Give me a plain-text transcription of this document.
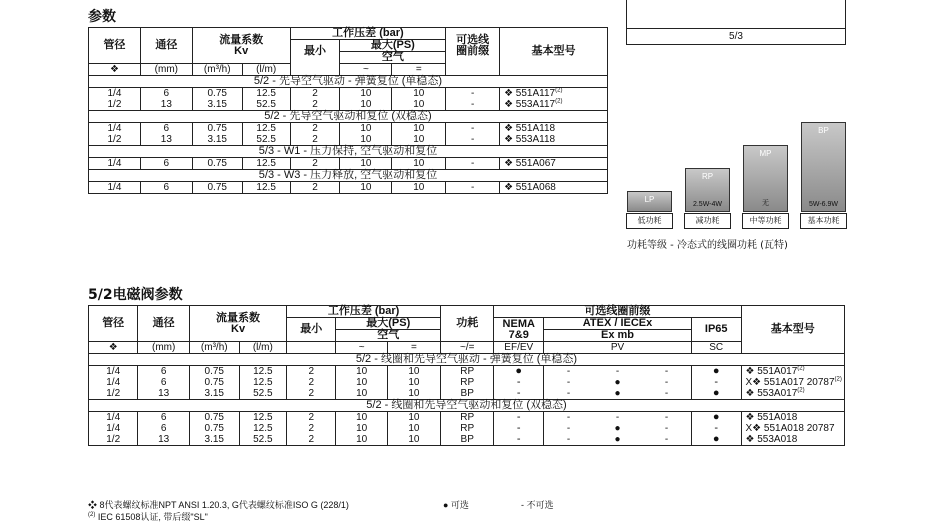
参数
5/3
管径	通径	流量系数
Kv		工作压差 (bar)			可选线
圈前缀	基本型号
				最小	最大(PS)			
					空气			
❖	(mm)	(m³/h)	(l/m)		~	=		
5/2 - 先导空气驱动 - 弹簧复位 (单稳态)								
1/4	6	0.75	12.5	2	10	10	-	❖ 551A117$^{(2)}$
1/2	13	3.15	52.5	2	10	10	-	❖ 553A117$^{(2)}$
5/2 - 先导空气驱动和复位 (双稳态)								
1/4	6	0.75	12.5	2	10	10	-	❖ 551A118
1/2	13	3.15	52.5	2	10	10	-	❖ 553A118
5/3 - W1 - 压力保持, 空气驱动和复位								
1/4	6	0.75	12.5	2	10	10	-	❖ 551A067
5/3 - W3 - 压力释放, 空气驱动和复位								
1/4	6	0.75	12.5	2	10	10	-	❖ 551A068
LP
低功耗
RP
2.5W-4W
减功耗
MP
无
中等功耗
BP
5W-6.9W
基本功耗
功耗等级 - 冷态式的线圈功耗 (瓦特)
5/2电磁阀参数
管径	通径	流量系数
Kv		工作压差 (bar)			功耗	可选线圈前缀					基本型号
				最小	最大(PS)			NEMA
7&9	ATEX / IECEx			IP65	
					空气				Ex mb				
❖	(mm)	(m³/h)	(l/m)		~	=	~/=	EF/EV	PV			SC	
5/2 - 线圈和先导空气驱动 - 弹簧复位 (单稳态)													
1/4	6	0.75	12.5	2	10	10	RP	●	-	-	-	●	❖ 551A017$^{(2)}$
1/4	6	0.75	12.5	2	10	10	RP	-	-	●	-	-	X❖ 551A017 20787$^{(2)}$
1/2	13	3.15	52.5	2	10	10	BP	-	-	●	-	●	❖ 553A017$^{(2)}$
5/2 - 线圈和先导空气驱动和复位 (双稳态)													
1/4	6	0.75	12.5	2	10	10	RP	-	-	-	-	●	❖ 551A018
1/4	6	0.75	12.5	2	10	10	RP	-	-	●	-	-	X❖ 551A018 20787
1/2	13	3.15	52.5	2	10	10	BP	-	-	●	-	●	❖ 553A018
❖ 8代表螺纹标准NPT ANSI 1.20.3, G代表螺纹标准ISO G (228/1)
$^{(2)}$ IEC 61508认证, 带后缀"SL"
● 可选	- 不可选
